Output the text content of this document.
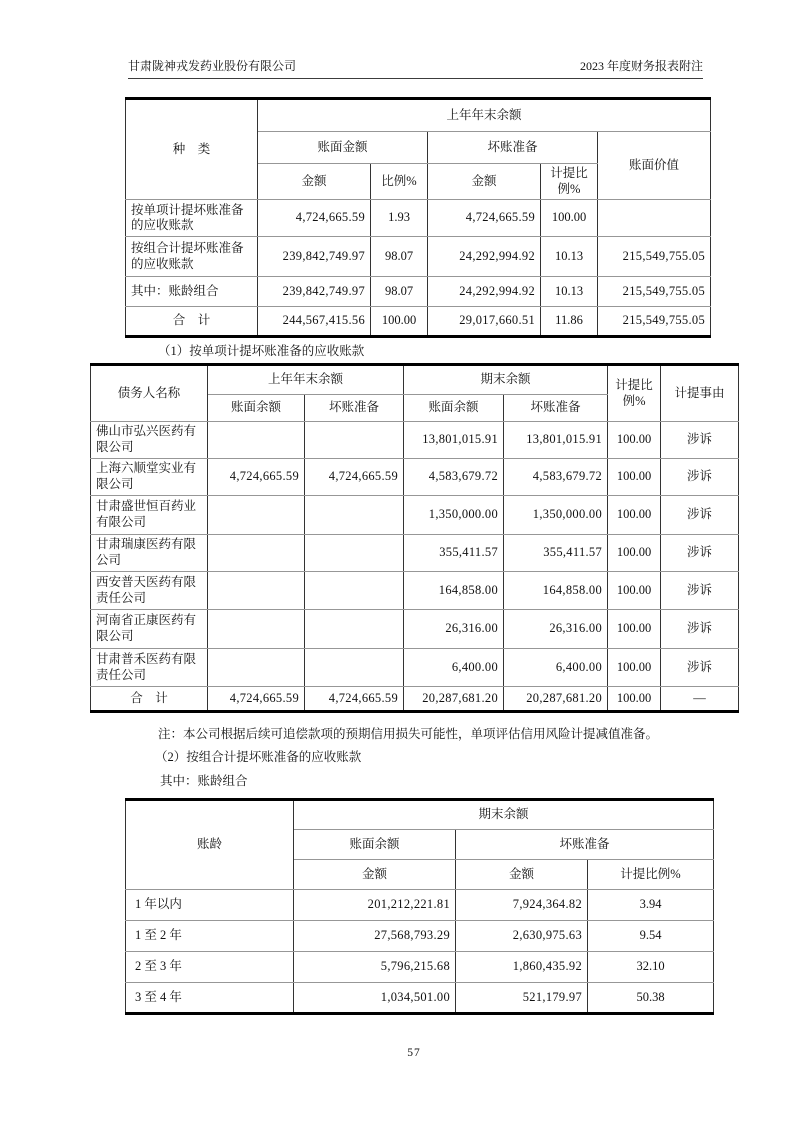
甘肃陇神戎发药业股份有限公司	2023 年度财务报表附注
种　类	上年年末余额				
	账面金额		坏账准备		账面价值
	金额	比例%	金额	计提比例%	
按单项计提坏账准备的应收账款	4,724,665.59	1.93	4,724,665.59	100.00	
按组合计提坏账准备的应收账款	239,842,749.97	98.07	24,292,994.92	10.13	215,549,755.05
其中：账龄组合	239,842,749.97	98.07	24,292,994.92	10.13	215,549,755.05
合　计	244,567,415.56	100.00	29,017,660.51	11.86	215,549,755.05
（1）按单项计提坏账准备的应收账款
债务人名称	上年年末余额		期末余额		计提比例%	计提事由
	账面余额	坏账准备	账面余额	坏账准备		
佛山市弘兴医药有限公司			13,801,015.91	13,801,015.91	100.00	涉诉
上海六顺堂实业有限公司	4,724,665.59	4,724,665.59	4,583,679.72	4,583,679.72	100.00	涉诉
甘肃盛世恒百药业有限公司			1,350,000.00	1,350,000.00	100.00	涉诉
甘肃瑞康医药有限公司			355,411.57	355,411.57	100.00	涉诉
西安普天医药有限责任公司			164,858.00	164,858.00	100.00	涉诉
河南省正康医药有限公司			26,316.00	26,316.00	100.00	涉诉
甘肃普禾医药有限责任公司			6,400.00	6,400.00	100.00	涉诉
合　计	4,724,665.59	4,724,665.59	20,287,681.20	20,287,681.20	100.00	—
注：本公司根据后续可追偿款项的预期信用损失可能性，单项评估信用风险计提减值准备。
（2）按组合计提坏账准备的应收账款
其中：账龄组合
账龄	期末余额		
	账面余额	坏账准备	
	金额	金额	计提比例%
1 年以内	201,212,221.81	7,924,364.82	3.94
1 至 2 年	27,568,793.29	2,630,975.63	9.54
2 至 3 年	5,796,215.68	1,860,435.92	32.10
3 至 4 年	1,034,501.00	521,179.97	50.38
57
